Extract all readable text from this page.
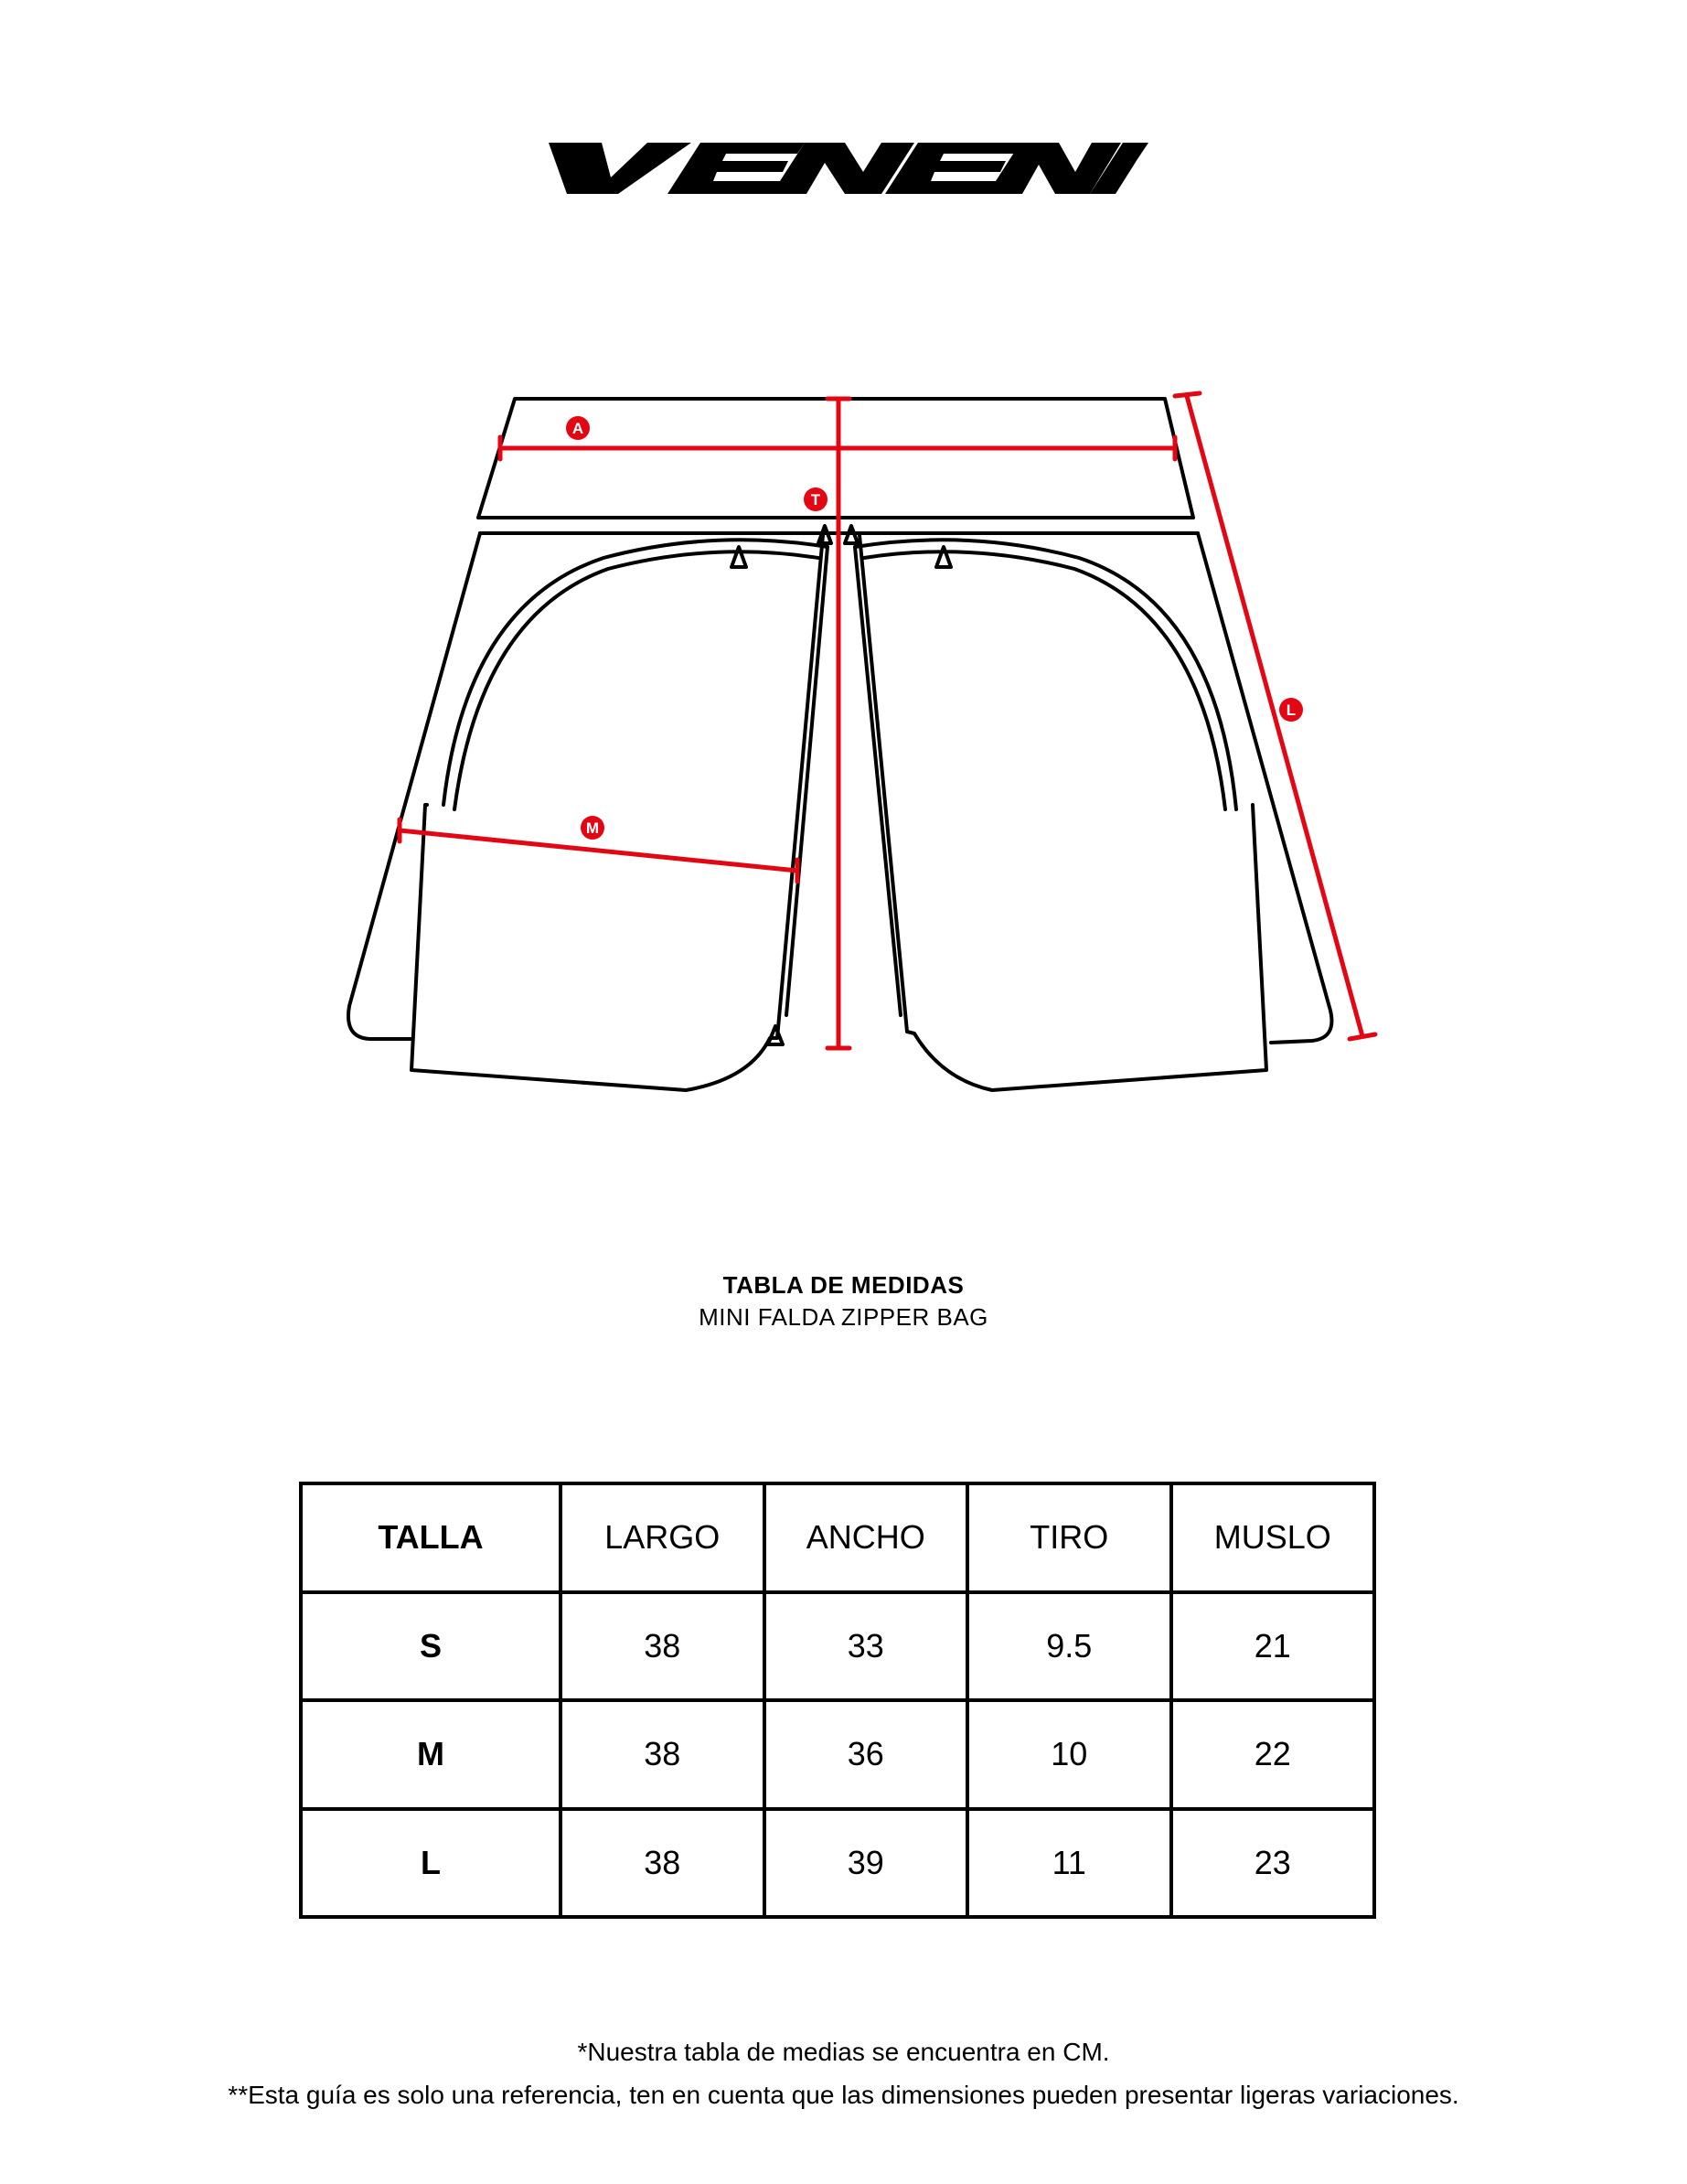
A
T
L
M
TABLA DE MEDIDAS
MINI FALDA ZIPPER BAG
TALLA	LARGO	ANCHO	TIRO	MUSLO
S	38	33	9.5	21
M	38	36	10	22
L	38	39	11	23
*Nuestra tabla de medias se encuentra en CM.
**Esta guía es solo una referencia, ten en cuenta que las dimensiones pueden presentar ligeras variaciones.
